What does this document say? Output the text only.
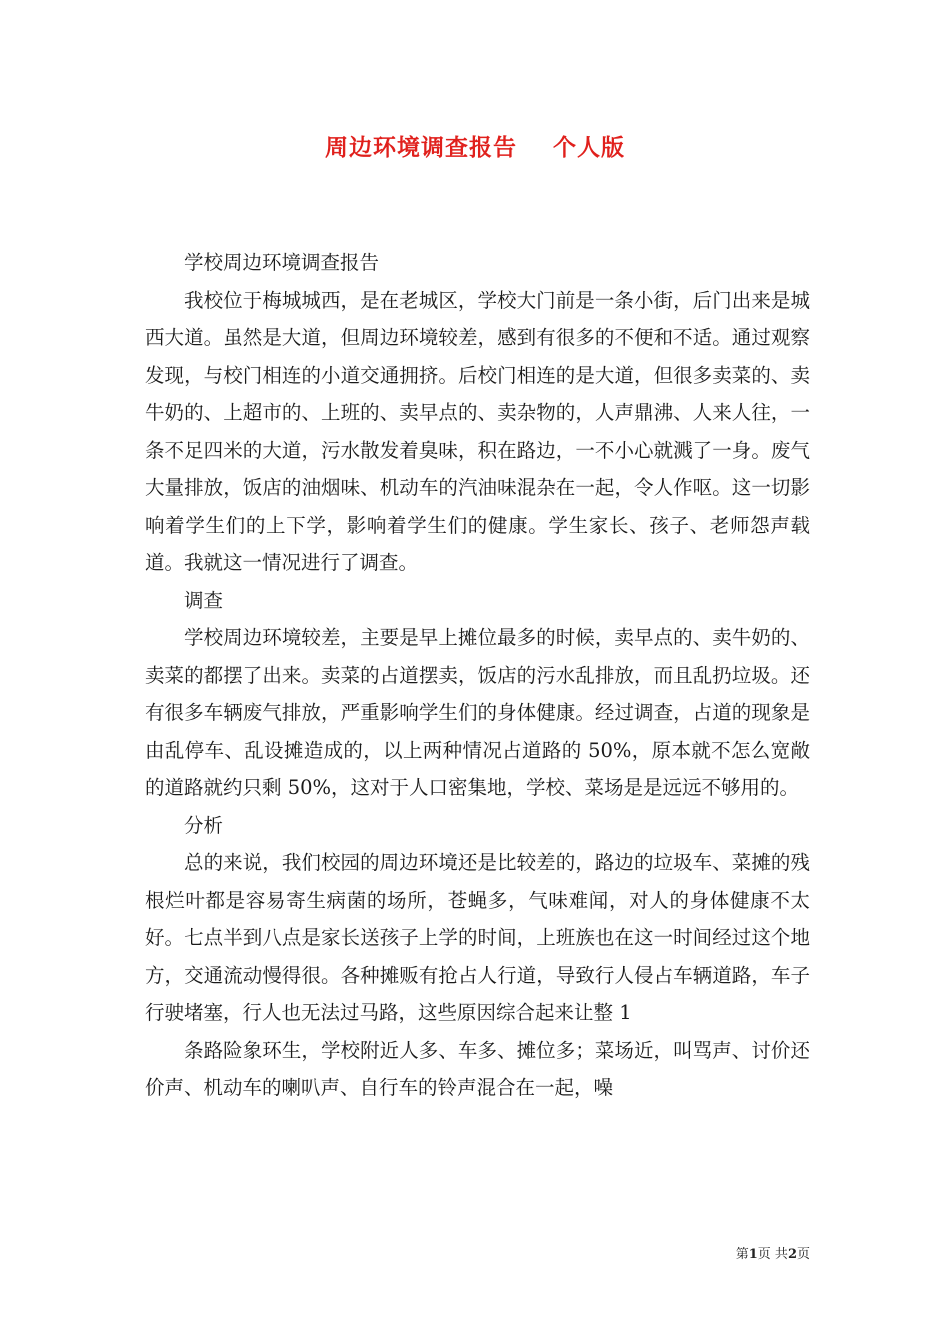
周边环境调查报告    个人版

学校周边环境调查报告

我校位于梅城城西，是在老城区，学校大门前是一条小街，后门出来是城西大道。虽然是大道，但周边环境较差，感到有很多的不便和不适。通过观察发现，与校门相连的小道交通拥挤。后校门相连的是大道，但很多卖菜的、卖牛奶的、上超市的、上班的、卖早点的、卖杂物的，人声鼎沸、人来人往，一条不足四米的大道，污水散发着臭味，积在路边，一不小心就溅了一身。废气大量排放，饭店的油烟味、机动车的汽油味混杂在一起，令人作呕。这一切影响着学生们的上下学，影响着学生们的健康。学生家长、孩子、老师怨声载道。我就这一情况进行了调查。

调查

学校周边环境较差，主要是早上摊位最多的时候，卖早点的、卖牛奶的、卖菜的都摆了出来。卖菜的占道摆卖，饭店的污水乱排放，而且乱扔垃圾。还有很多车辆废气排放，严重影响学生们的身体健康。经过调查，占道的现象是由乱停车、乱设摊造成的，以上两种情况占道路的 50%，原本就不怎么宽敞的道路就约只剩 50%，这对于人口密集地，学校、菜场是是远远不够用的。

分析

总的来说，我们校园的周边环境还是比较差的，路边的垃圾车、菜摊的残根烂叶都是容易寄生病菌的场所，苍蝇多，气味难闻，对人的身体健康不太好。七点半到八点是家长送孩子上学的时间，上班族也在这一时间经过这个地方，交通流动慢得很。各种摊贩有抢占人行道，导致行人侵占车辆道路，车子行驶堵塞，行人也无法过马路，这些原因综合起来让整 1

条路险象环生，学校附近人多、车多、摊位多；菜场近，叫骂声、讨价还价声、机动车的喇叭声、自行车的铃声混合在一起，噪

第1页 共2页
